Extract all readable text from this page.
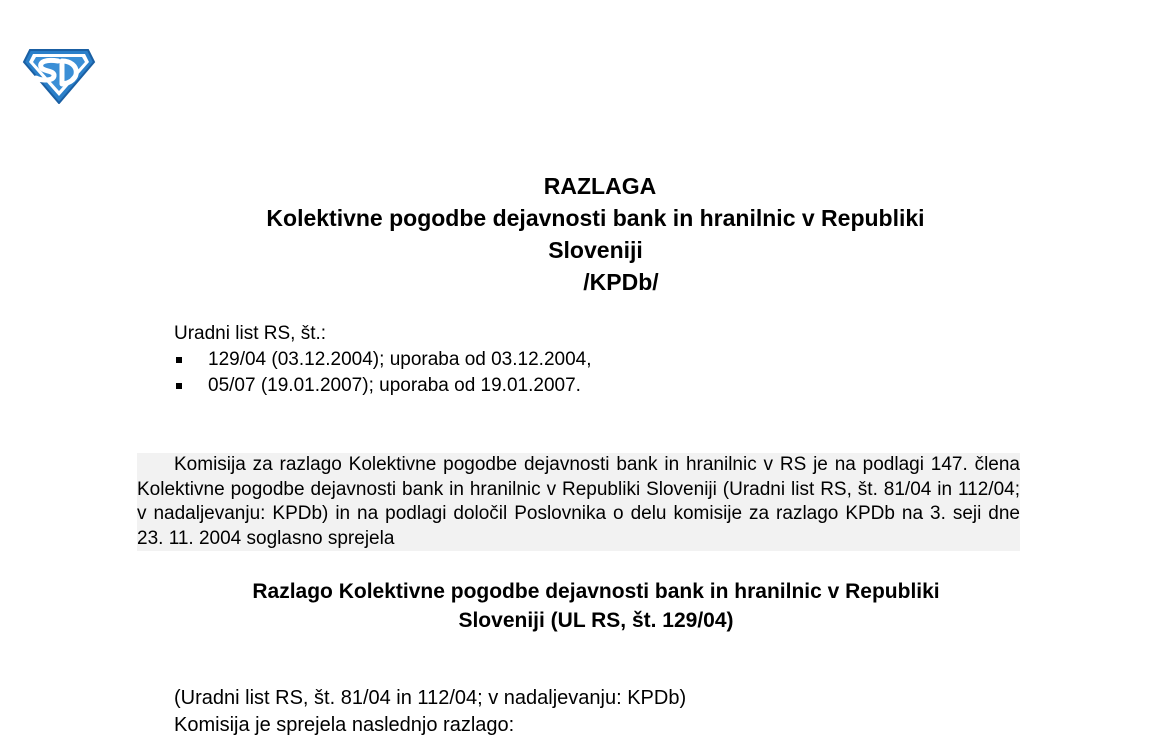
RAZLAGA
Kolektivne pogodbe dejavnosti bank in hranilnic v Republiki
Sloveniji
/KPDb/
Uradni list RS, št.:
129/04 (03.12.2004); uporaba od 03.12.2004,
05/07 (19.01.2007); uporaba od 19.01.2007.
Komisija za razlago Kolektivne pogodbe dejavnosti bank in hranilnic v RS je na podlagi 147. člena Kolektivne pogodbe dejavnosti bank in hranilnic v Republiki Sloveniji (Uradni list RS, št. 81/04 in 112/04; v nadaljevanju: KPDb) in na podlagi določil Poslovnika o delu komisije za razlago KPDb na 3. seji dne 23. 11. 2004 soglasno sprejela
Razlago Kolektivne pogodbe dejavnosti bank in hranilnic v Republiki
Sloveniji (UL RS, št. 129/04)
(Uradni list RS, št. 81/04 in 112/04; v nadaljevanju: KPDb)
Komisija je sprejela naslednjo razlago:
